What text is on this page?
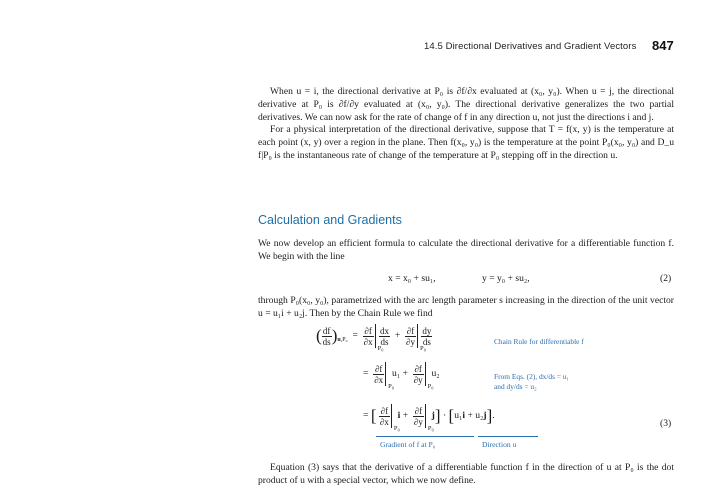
14.5 Directional Derivatives and Gradient Vectors 847

When u = i, the directional derivative at P₀ is ∂f/∂x evaluated at (x₀, y₀). When u = j, the directional derivative at P₀ is ∂f/∂y evaluated at (x₀, y₀). The directional derivative generalizes the two partial derivatives. We can now ask for the rate of change of f in any direction u, not just the directions i and j.

For a physical interpretation of the directional derivative, suppose that T = f(x, y) is the temperature at each point (x, y) over a region in the plane. Then f(x₀, y₀) is the temperature at the point P₀(x₀, y₀) and D_u f|P₀ is the instantaneous rate of change of the temperature at P₀ stepping off in the direction u.

Calculation and Gradients

We now develop an efficient formula to calculate the directional derivative for a differentiable function f. We begin with the line

x = x₀ + su₁,	y = y₀ + su₂,	(2)

through P₀(x₀, y₀), parametrized with the arc length parameter s increasing in the direction of the unit vector u = u₁i + u₂j. Then by the Chain Rule we find

( $\frac{df}{ds} )_{u,P_0} = \frac{\partial f}{\partial x}$
P₀

$\frac{dx}{ds} + \frac{\partial f}{\partial y}$
P₀

$\frac{dy}{ds}$	Chain Rule for differentiable f
= $\frac{\partial f}{\partial x}$
P₀
$u_1 + \frac{\partial f}{\partial y}$
P₀
u₂	From Eqs. (2), dx/ds = u₁
and dy/ds = u₂
= [ $\frac{\partial f}{\partial x}$
P₀
$i + \frac{\partial f}{\partial y}$
P₀
j] · [u₁i + u₂j].
(3)
Gradient of f at P₀	Direction u

Equation (3) says that the derivative of a differentiable function f in the direction of u at P₀ is the dot product of u with a special vector, which we now define.
